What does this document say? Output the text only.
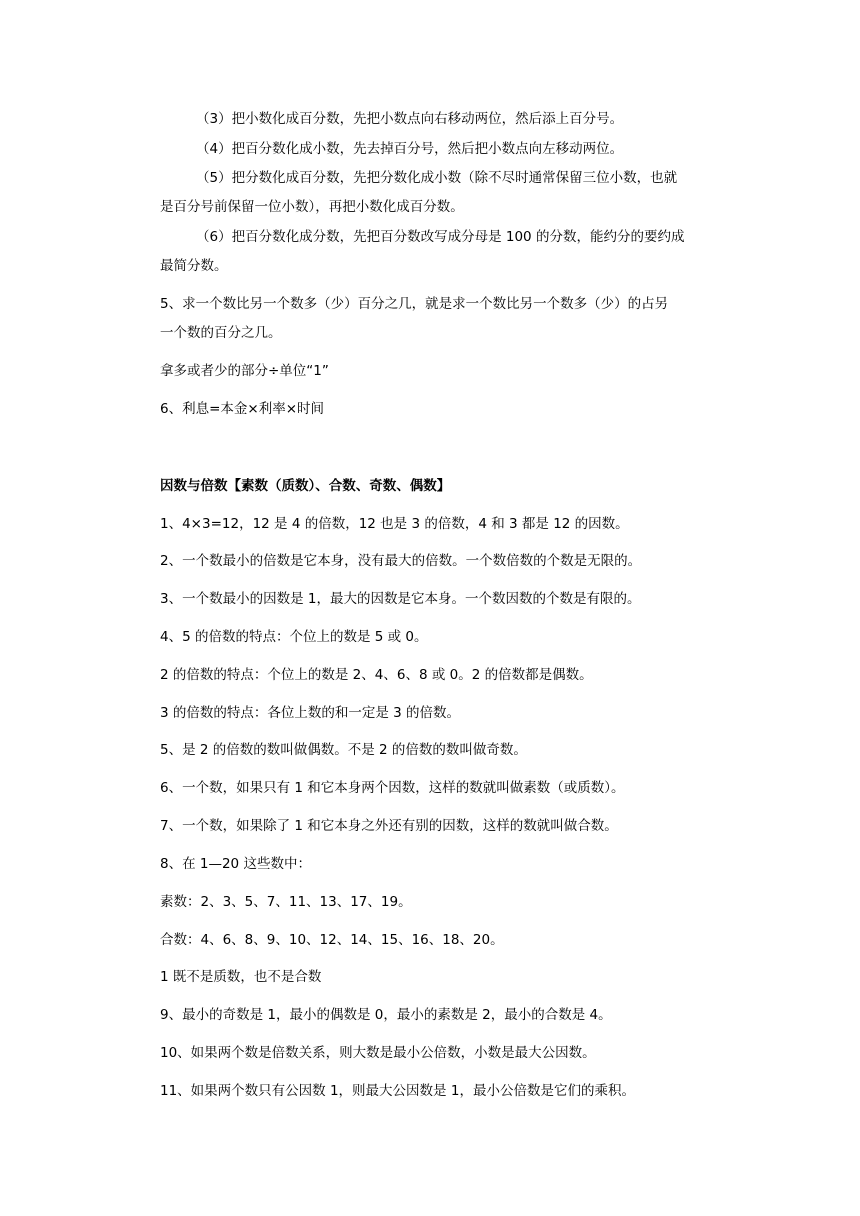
（3）把小数化成百分数，先把小数点向右移动两位，然后添上百分号。
（4）把百分数化成小数，先去掉百分号，然后把小数点向左移动两位。
（5）把分数化成百分数，先把分数化成小数（除不尽时通常保留三位小数，也就
是百分号前保留一位小数），再把小数化成百分数。
（6）把百分数化成分数，先把百分数改写成分母是 100 的分数，能约分的要约成
最简分数。
5、求一个数比另一个数多（少）百分之几，就是求一个数比另一个数多（少）的占另
一个数的百分之几。
拿多或者少的部分÷单位“1”
6、利息=本金×利率×时间
因数与倍数【素数（质数）、合数、奇数、偶数】
1、4×3=12，12 是 4 的倍数，12 也是 3 的倍数，4 和 3 都是 12 的因数。
2、一个数最小的倍数是它本身，没有最大的倍数。一个数倍数的个数是无限的。
3、一个数最小的因数是 1，最大的因数是它本身。一个数因数的个数是有限的。
4、5 的倍数的特点：个位上的数是 5 或 0。
2 的倍数的特点：个位上的数是 2、4、6、8 或 0。2 的倍数都是偶数。
3 的倍数的特点：各位上数的和一定是 3 的倍数。
5、是 2 的倍数的数叫做偶数。不是 2 的倍数的数叫做奇数。
6、一个数，如果只有 1 和它本身两个因数，这样的数就叫做素数（或质数）。
7、一个数，如果除了 1 和它本身之外还有别的因数，这样的数就叫做合数。
8、在 1—20 这些数中：
素数：2、3、5、7、11、13、17、19。
合数：4、6、8、9、10、12、14、15、16、18、20。
1 既不是质数，也不是合数
9、最小的奇数是 1，最小的偶数是 0，最小的素数是 2，最小的合数是 4。
10、如果两个数是倍数关系，则大数是最小公倍数，小数是最大公因数。
11、如果两个数只有公因数 1，则最大公因数是 1，最小公倍数是它们的乘积。
